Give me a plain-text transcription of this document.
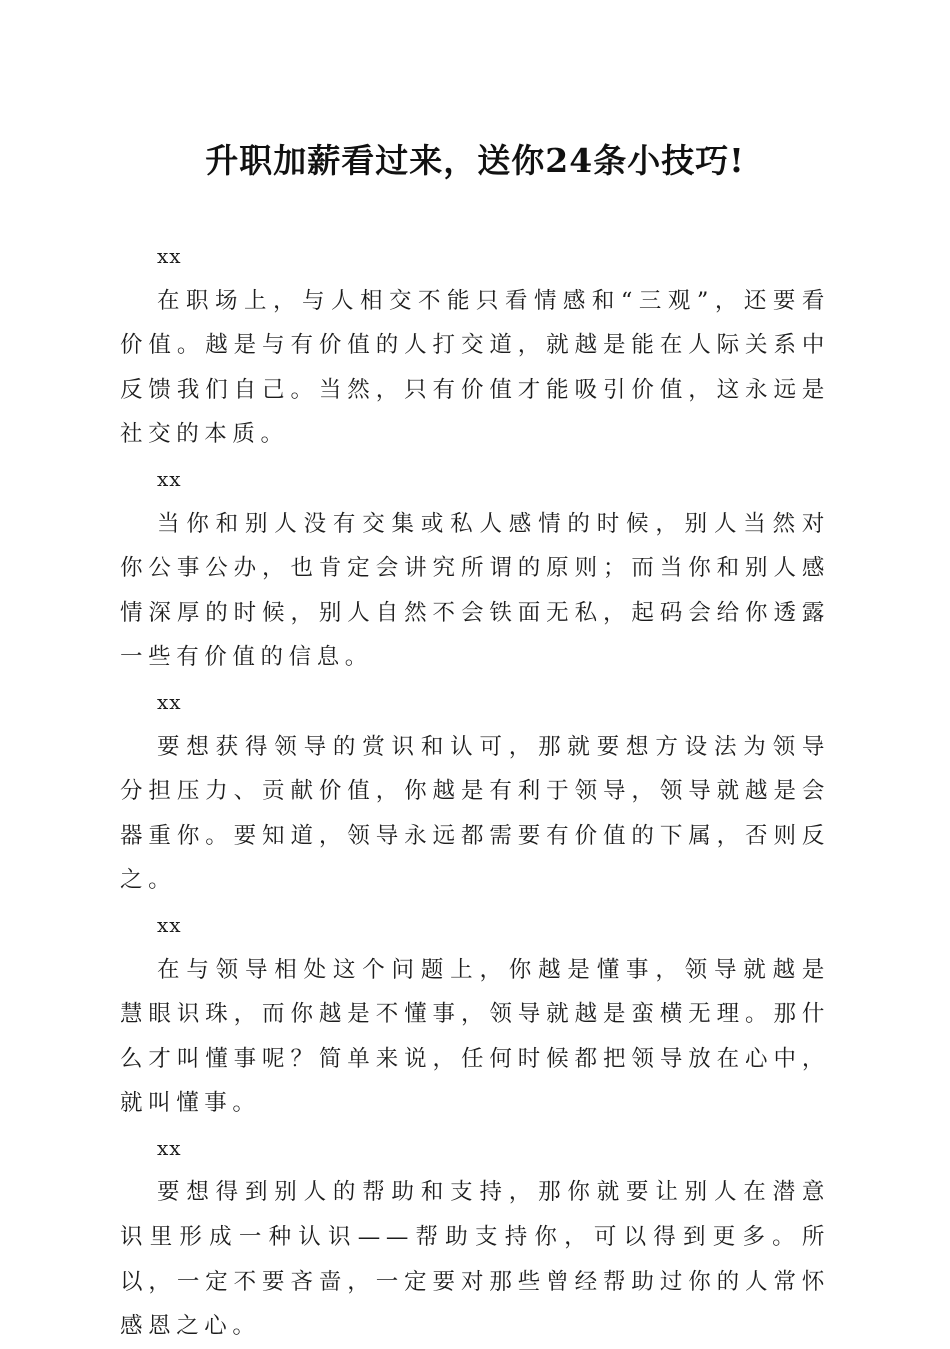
升职加薪看过来，送你24条小技巧!
xx

在职场上，与人相交不能只看情感和“三观”，还要看价值。越是与有价值的人打交道，就越是能在人际关系中反馈我们自己。当然，只有价值才能吸引价值，这永远是社交的本质。

xx

当你和别人没有交集或私人感情的时候，别人当然对你公事公办，也肯定会讲究所谓的原则；而当你和别人感情深厚的时候，别人自然不会铁面无私，起码会给你透露一些有价值的信息。

xx

要想获得领导的赏识和认可，那就要想方设法为领导分担压力、贡献价值，你越是有利于领导，领导就越是会器重你。要知道，领导永远都需要有价值的下属，否则反之。

xx

在与领导相处这个问题上，你越是懂事，领导就越是慧眼识珠，而你越是不懂事，领导就越是蛮横无理。那什么才叫懂事呢？简单来说，任何时候都把领导放在心中，就叫懂事。

xx

要想得到别人的帮助和支持，那你就要让别人在潜意识里形成一种认识——帮助支持你，可以得到更多。所以，一定不要吝啬，一定要对那些曾经帮助过你的人常怀感恩之心。
